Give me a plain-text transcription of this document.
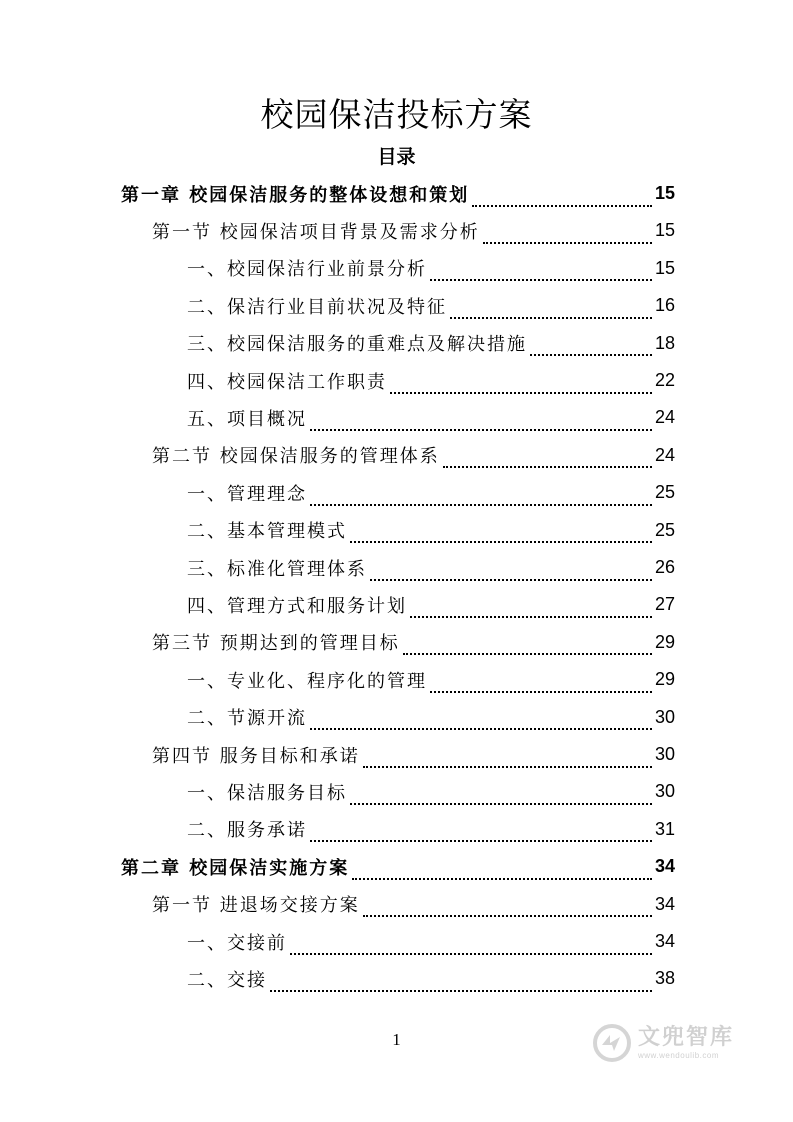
校园保洁投标方案
目录
第一章 校园保洁服务的整体设想和策划	15
第一节 校园保洁项目背景及需求分析	15
一、校园保洁行业前景分析	15
二、保洁行业目前状况及特征	16
三、校园保洁服务的重难点及解决措施	18
四、校园保洁工作职责	22
五、项目概况	24
第二节 校园保洁服务的管理体系	24
一、管理理念	25
二、基本管理模式	25
三、标准化管理体系	26
四、管理方式和服务计划	27
第三节 预期达到的管理目标	29
一、专业化、程序化的管理	29
二、节源开流	30
第四节 服务目标和承诺	30
一、保洁服务目标	30
二、服务承诺	31
第二章 校园保洁实施方案	34
第一节 进退场交接方案	34
一、交接前	34
二、交接	38
1	文兜智库
www.wendoulib.com
